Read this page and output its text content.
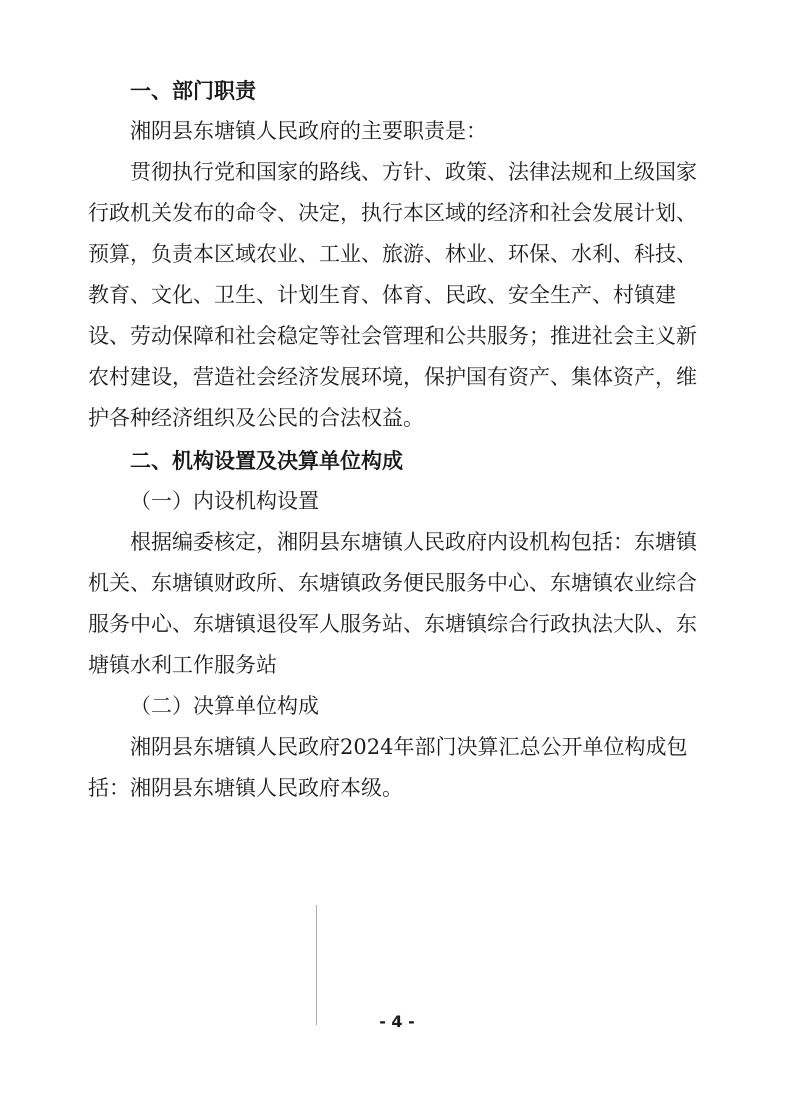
一、部门职责
湘阴县东塘镇人民政府的主要职责是：
贯彻执行党和国家的路线、方针、政策、法律法规和上级国家行政机关发布的命令、决定，执行本区域的经济和社会发展计划、预算，负责本区域农业、工业、旅游、林业、环保、水利、科技、教育、文化、卫生、计划生育、体育、民政、安全生产、村镇建设、劳动保障和社会稳定等社会管理和公共服务；推进社会主义新农村建设，营造社会经济发展环境，保护国有资产、集体资产，维护各种经济组织及公民的合法权益。
二、机构设置及决算单位构成
（一）内设机构设置
根据编委核定，湘阴县东塘镇人民政府内设机构包括：东塘镇机关、东塘镇财政所、东塘镇政务便民服务中心、东塘镇农业综合服务中心、东塘镇退役军人服务站、东塘镇综合行政执法大队、东塘镇水利工作服务站
（二）决算单位构成
湘阴县东塘镇人民政府2024年部门决算汇总公开单位构成包括：湘阴县东塘镇人民政府本级。
- 4 -
